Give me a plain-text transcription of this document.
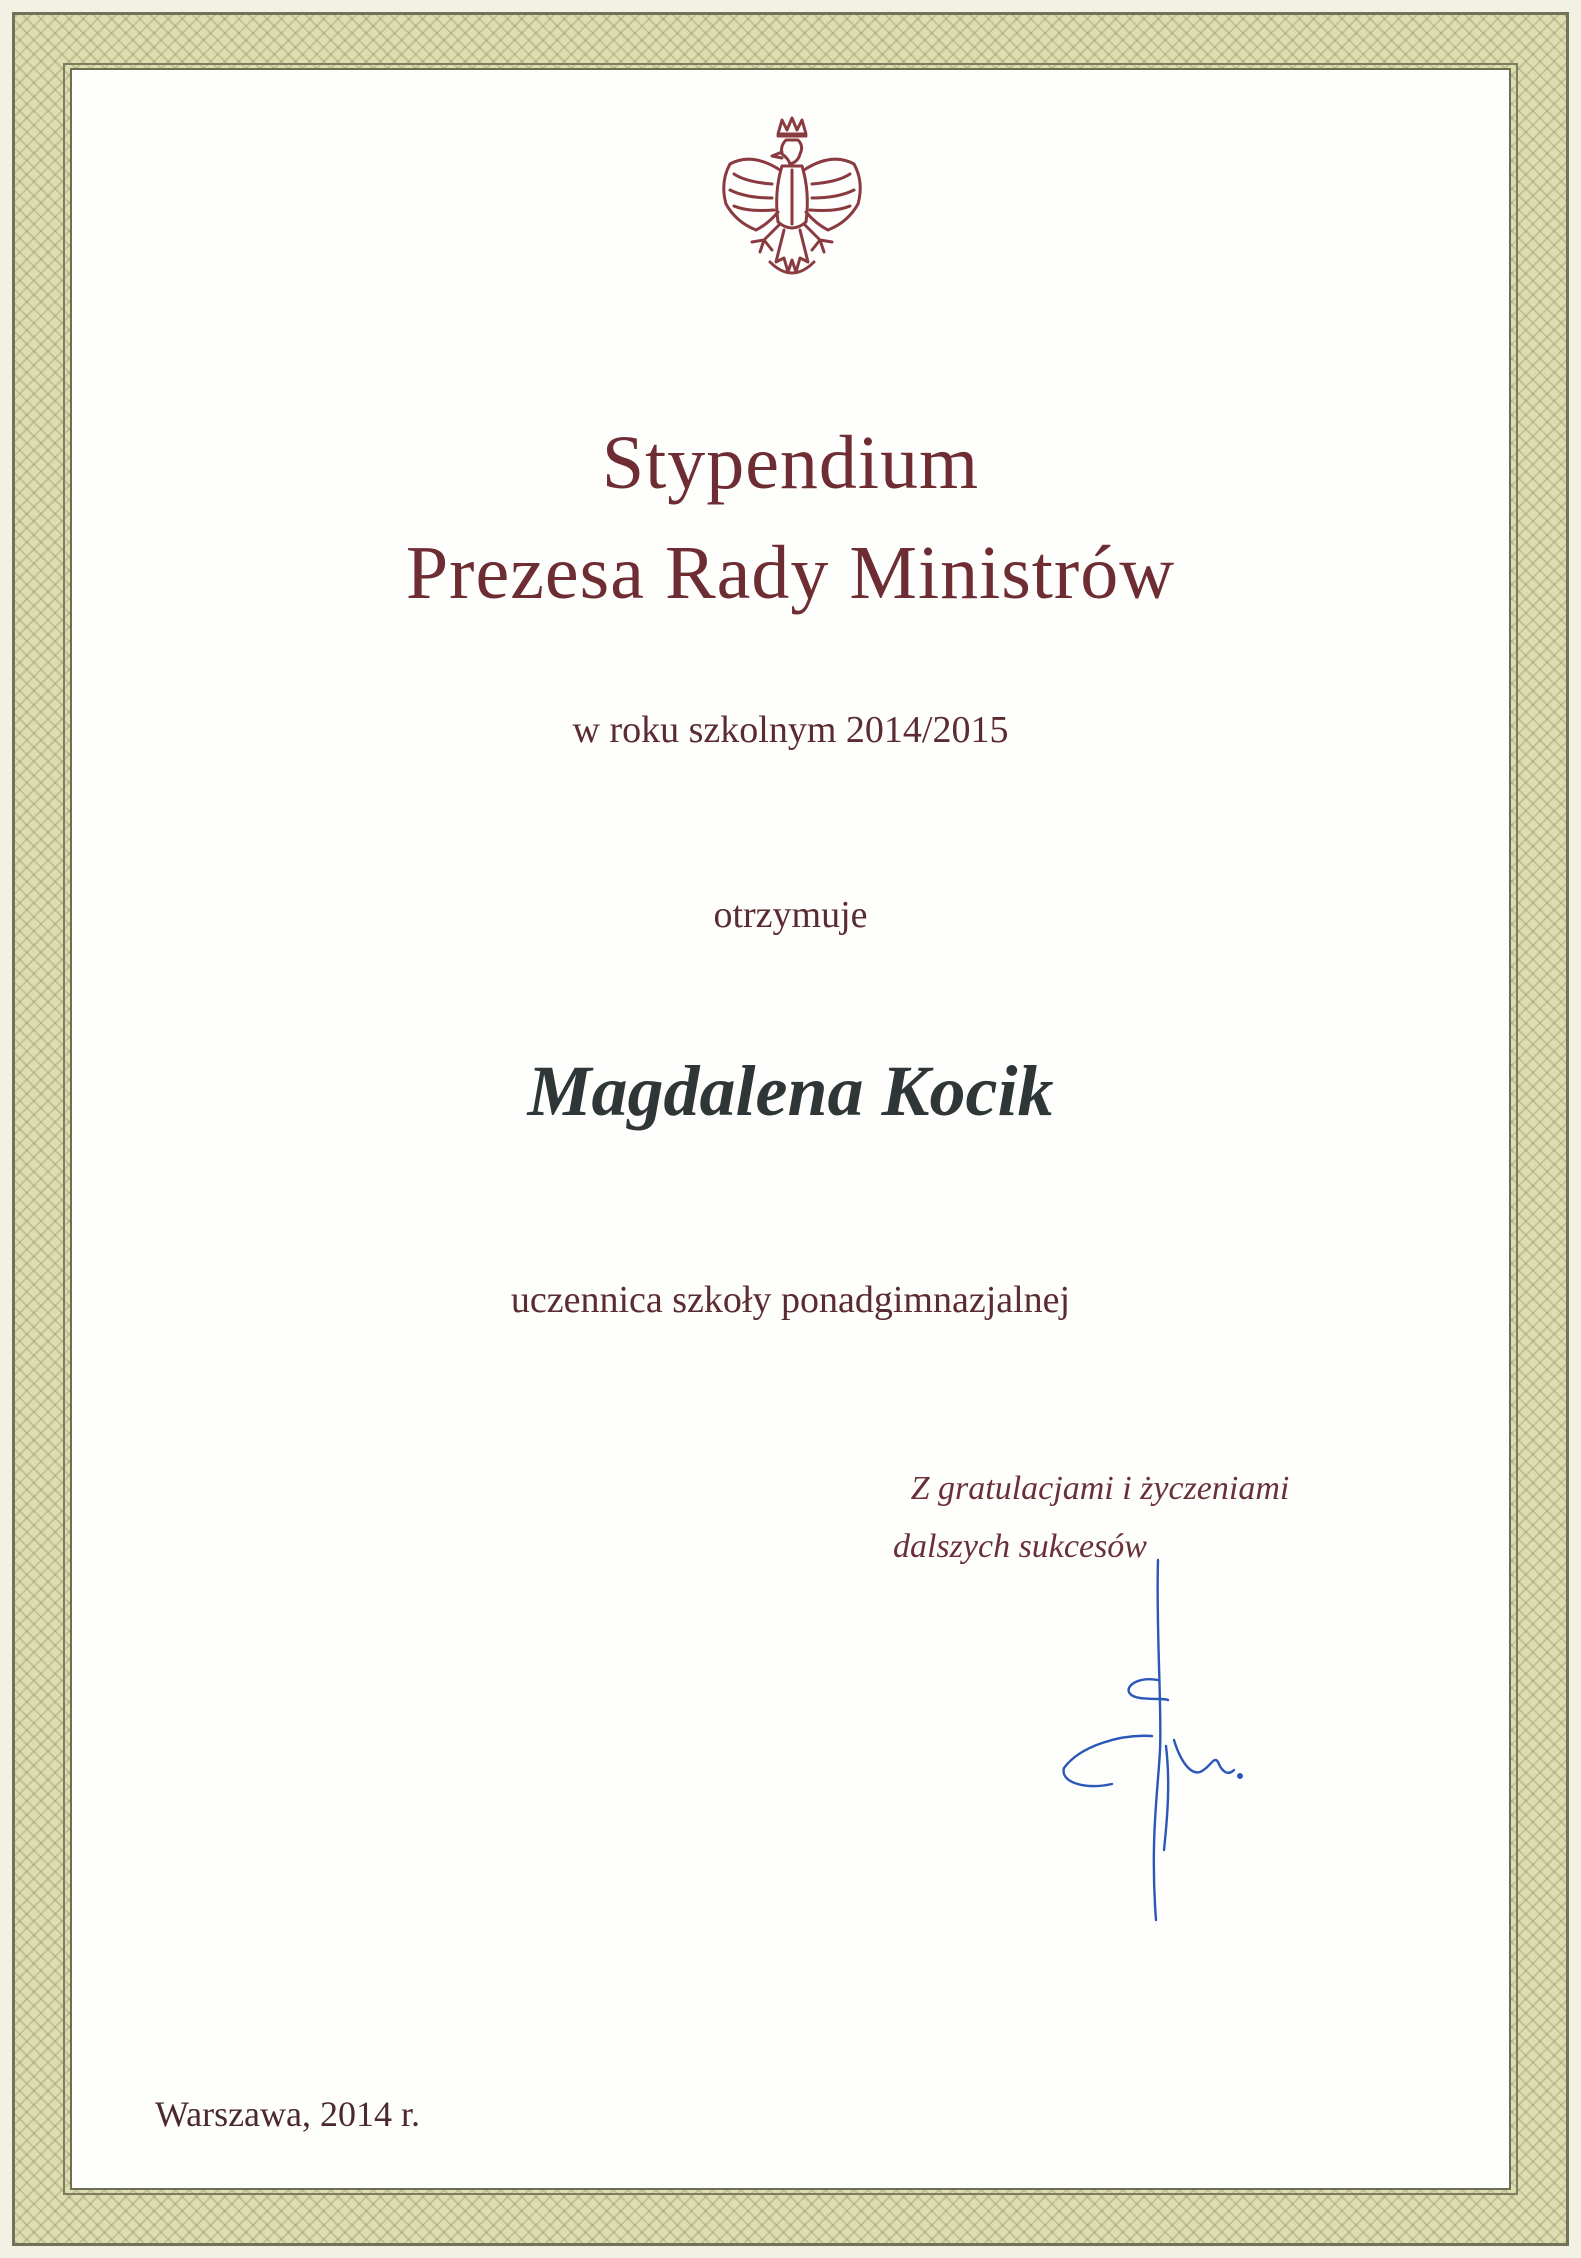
Stypendium
Prezesa Rady Ministrów
w roku szkolnym 2014/2015
otrzymuje
Magdalena Kocik
uczennica szkoły ponadgimnazjalnej
Z gratulacjami i życzeniami
dalszych sukcesów
Warszawa, 2014 r.
